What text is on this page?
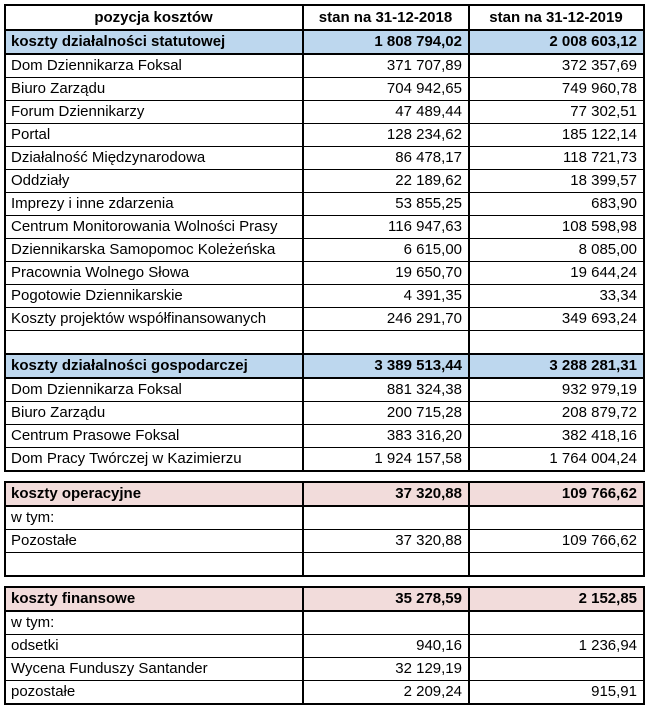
pozycja kosztów	stan na 31-12-2018	stan na 31-12-2019
koszty działalności statutowej	1 808 794,02	2 008 603,12
Dom Dziennikarza Foksal	371 707,89	372 357,69
Biuro Zarządu	704 942,65	749 960,78
Forum Dziennikarzy	47 489,44	77 302,51
Portal	128 234,62	185 122,14
Działalność Międzynarodowa	86 478,17	118 721,73
Oddziały	22 189,62	18 399,57
Imprezy i inne zdarzenia	53 855,25	683,90
Centrum Monitorowania Wolności Prasy	116 947,63	108 598,98
Dziennikarska Samopomoc Koleżeńska	6 615,00	8 085,00
Pracownia Wolnego Słowa	19 650,70	19 644,24
Pogotowie Dziennikarskie	4 391,35	33,34
Koszty projektów współfinansowanych	246 291,70	349 693,24

koszty działalności gospodarczej	3 389 513,44	3 288 281,31
Dom Dziennikarza Foksal	881 324,38	932 979,19
Biuro Zarządu	200 715,28	208 879,72
Centrum Prasowe Foksal	383 316,20	382 418,16
Dom Pracy Twórczej w Kazimierzu	1 924 157,58	1 764 004,24
koszty operacyjne	37 320,88	109 766,62
w tym:		
Pozostałe	37 320,88	109 766,62

koszty finansowe	35 278,59	2 152,85
w tym:		
odsetki	940,16	1 236,94
Wycena Funduszy Santander	32 129,19	
pozostałe	2 209,24	915,91
